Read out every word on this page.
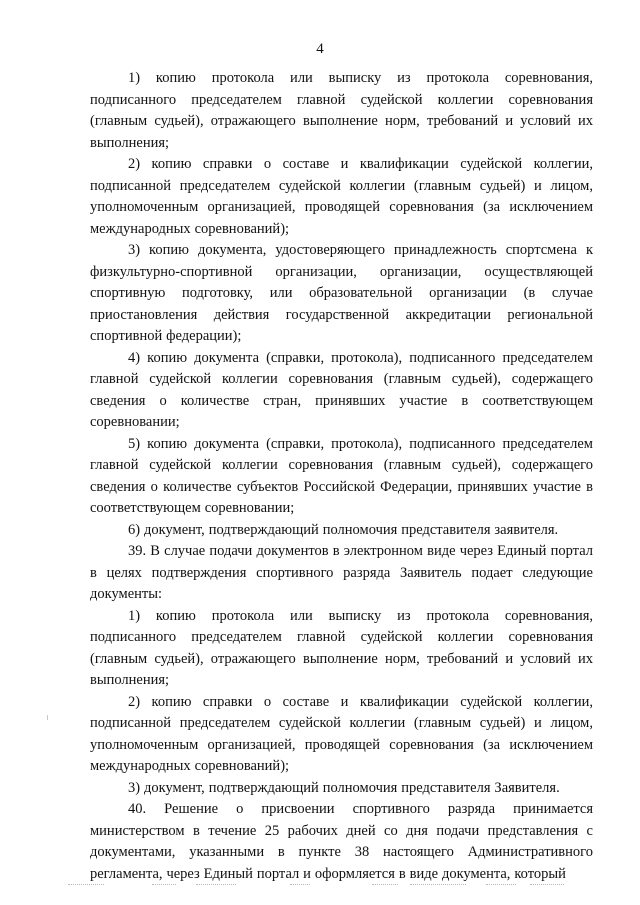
4

1) копию протокола или выписку из протокола соревнования, подписанного председателем главной судейской коллегии соревнования (главным судьей), отражающего выполнение норм, требований и условий их выполнения;

2) копию справки о составе и квалификации судейской коллегии, подписанной председателем судейской коллегии (главным судьей) и лицом, уполномоченным организацией, проводящей соревнования (за исключением международных соревнований);

3) копию документа, удостоверяющего принадлежность спортсмена к физкультурно-спортивной организации, организации, осуществляющей спортивную подготовку, или образовательной организации (в случае приостановления действия государственной аккредитации региональной спортивной федерации);

4) копию документа (справки, протокола), подписанного председателем главной судейской коллегии соревнования (главным судьей), содержащего сведения о количестве стран, принявших участие в соответствующем соревновании;

5) копию документа (справки, протокола), подписанного председателем главной судейской коллегии соревнования (главным судьей), содержащего сведения о количестве субъектов Российской Федерации, принявших участие в соответствующем соревновании;

6) документ, подтверждающий полномочия представителя заявителя.

39. В случае подачи документов в электронном виде через Единый портал в целях подтверждения спортивного разряда Заявитель подает следующие документы:

1) копию протокола или выписку из протокола соревнования, подписанного председателем главной судейской коллегии соревнования (главным судьей), отражающего выполнение норм, требований и условий их выполнения;

2) копию справки о составе и квалификации судейской коллегии, подписанной председателем судейской коллегии (главным судьей) и лицом, уполномоченным организацией, проводящей соревнования (за исключением международных соревнований);

3) документ, подтверждающий полномочия представителя Заявителя.

40. Решение о присвоении спортивного разряда принимается министерством в течение 25 рабочих дней со дня подачи представления с документами, указанными в пункте 38 настоящего Административного регламента, через Единый портал и оформляется в виде документа, который
